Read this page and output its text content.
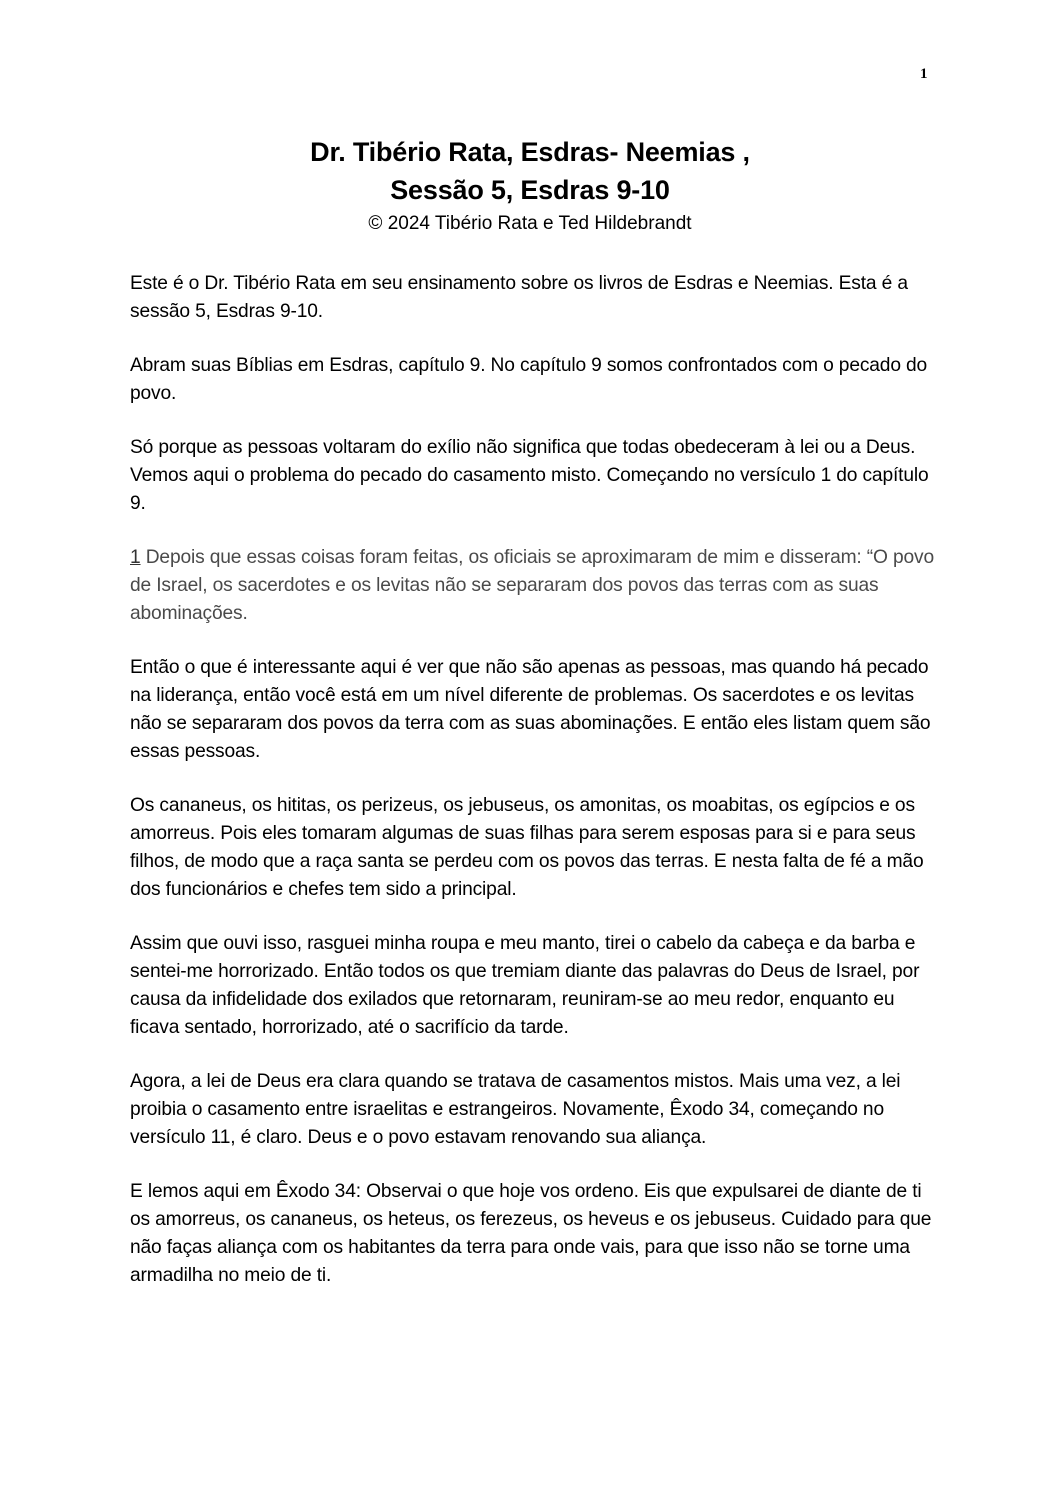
1
Dr. Tibério Rata, Esdras- Neemias ,
Sessão 5, Esdras 9-10
© 2024 Tibério Rata e Ted Hildebrandt

Este é o Dr. Tibério Rata em seu ensinamento sobre os livros de Esdras e Neemias. Esta é a sessão 5, Esdras 9-10.

Abram suas Bíblias em Esdras, capítulo 9. No capítulo 9 somos confrontados com o pecado do povo.

Só porque as pessoas voltaram do exílio não significa que todas obedeceram à lei ou a Deus. Vemos aqui o problema do pecado do casamento misto. Começando no versículo 1 do capítulo 9.

1 Depois que essas coisas foram feitas, os oficiais se aproximaram de mim e disseram: “O povo de Israel, os sacerdotes e os levitas não se separaram dos povos das terras com as suas abominações.

Então o que é interessante aqui é ver que não são apenas as pessoas, mas quando há pecado na liderança, então você está em um nível diferente de problemas. Os sacerdotes e os levitas não se separaram dos povos da terra com as suas abominações. E então eles listam quem são essas pessoas.

Os cananeus, os hititas, os perizeus, os jebuseus, os amonitas, os moabitas, os egípcios e os amorreus. Pois eles tomaram algumas de suas filhas para serem esposas para si e para seus filhos, de modo que a raça santa se perdeu com os povos das terras. E nesta falta de fé a mão dos funcionários e chefes tem sido a principal.

Assim que ouvi isso, rasguei minha roupa e meu manto, tirei o cabelo da cabeça e da barba e sentei-me horrorizado. Então todos os que tremiam diante das palavras do Deus de Israel, por causa da infidelidade dos exilados que retornaram, reuniram-se ao meu redor, enquanto eu ficava sentado, horrorizado, até o sacrifício da tarde.

Agora, a lei de Deus era clara quando se tratava de casamentos mistos. Mais uma vez, a lei proibia o casamento entre israelitas e estrangeiros. Novamente, Êxodo 34, começando no versículo 11, é claro. Deus e o povo estavam renovando sua aliança.

E lemos aqui em Êxodo 34: Observai o que hoje vos ordeno. Eis que expulsarei de diante de ti os amorreus, os cananeus, os heteus, os ferezeus, os heveus e os jebuseus. Cuidado para que não faças aliança com os habitantes da terra para onde vais, para que isso não se torne uma armadilha no meio de ti.
